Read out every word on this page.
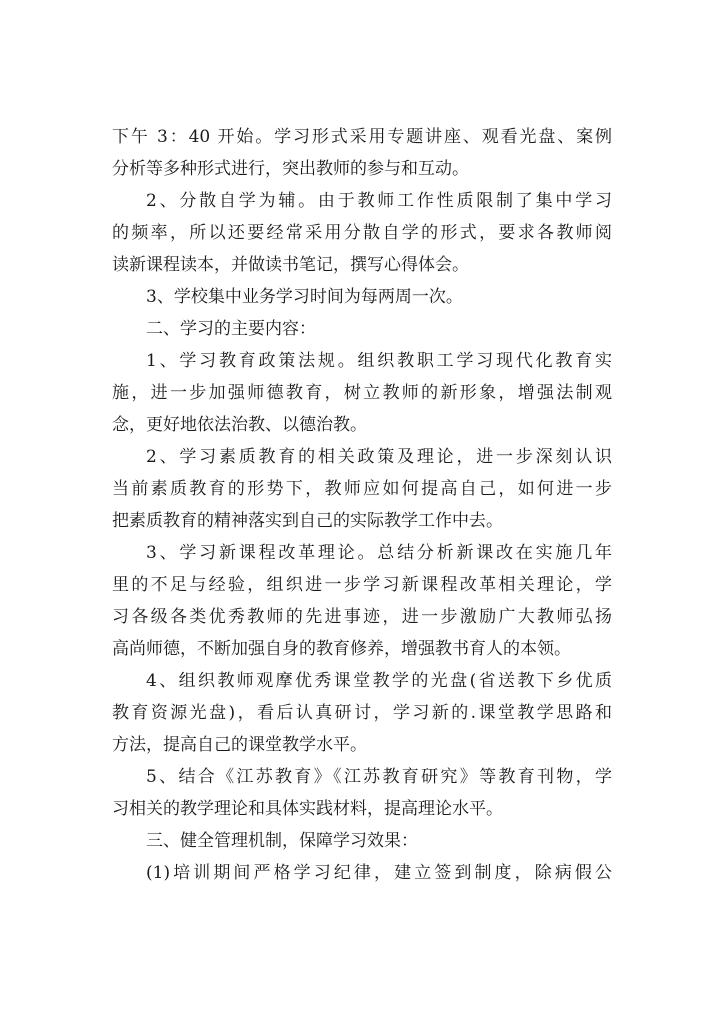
下午 3：40 开始。学习形式采用专题讲座、观看光盘、案例
分析等多种形式进行，突出教师的参与和互动。

2、分散自学为辅。由于教师工作性质限制了集中学习
的频率，所以还要经常采用分散自学的形式，要求各教师阅
读新课程读本，并做读书笔记，撰写心得体会。

3、学校集中业务学习时间为每两周一次。

二、学习的主要内容：

1、学习教育政策法规。组织教职工学习现代化教育实
施，进一步加强师德教育，树立教师的新形象，增强法制观
念，更好地依法治教、以德治教。

2、学习素质教育的相关政策及理论，进一步深刻认识
当前素质教育的形势下，教师应如何提高自己，如何进一步
把素质教育的精神落实到自己的实际教学工作中去。

3、学习新课程改革理论。总结分析新课改在实施几年
里的不足与经验，组织进一步学习新课程改革相关理论，学
习各级各类优秀教师的先进事迹，进一步激励广大教师弘扬
高尚师德，不断加强自身的教育修养，增强教书育人的本领。

4、组织教师观摩优秀课堂教学的光盘(省送教下乡优质
教育资源光盘)，看后认真研讨，学习新的.课堂教学思路和
方法，提高自己的课堂教学水平。

5、结合《江苏教育》《江苏教育研究》等教育刊物，学
习相关的教学理论和具体实践材料，提高理论水平。

三、健全管理机制，保障学习效果：

(1)培训期间严格学习纪律，建立签到制度，除病假公
